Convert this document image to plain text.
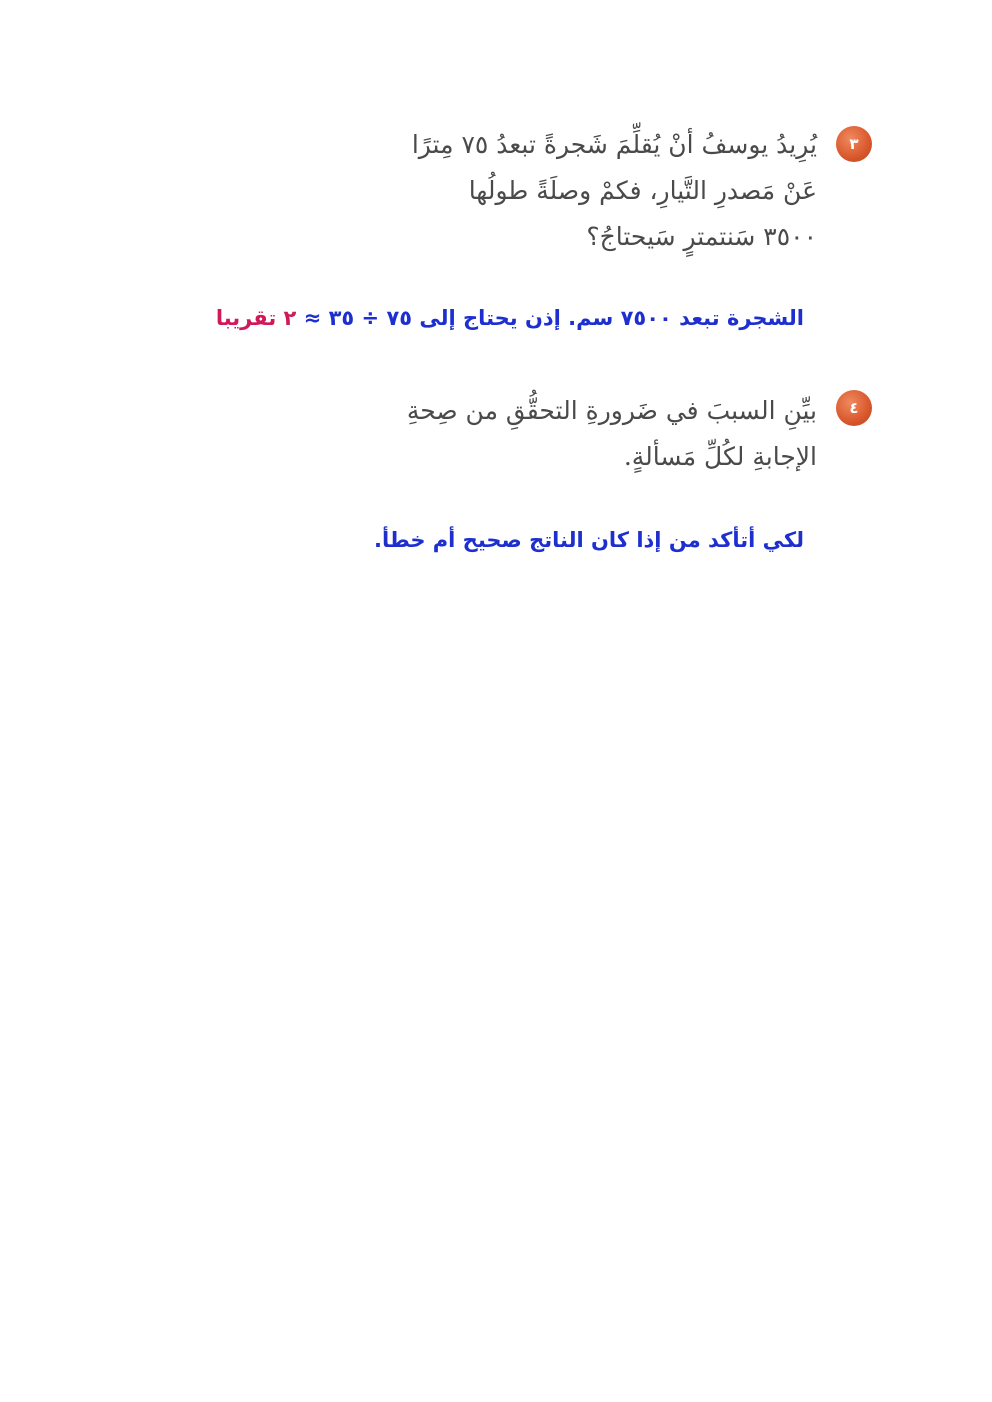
٣
يُرِيدُ يوسفُ أنْ يُقلِّمَ شَجرةً تبعدُ ٧٥ مِترًا
عَنْ مَصدرِ التَّيارِ، فكمْ وصلَةً طولُها
٣٥٠٠ سَنتمترٍ سَيحتاجُ؟
الشجرة تبعد ٧٥٠٠ سم. إذن يحتاج إلى ٧٥ ÷ ٣٥ ≈ ٢ تقريبا
٤
بيِّنِ السببَ في ضَرورةِ التحقُّقِ من صِحةِ
الإجابةِ لكُلِّ مَسألةٍ.
لكي أتأكد من إذا كان الناتج صحيح أم خطأ.
